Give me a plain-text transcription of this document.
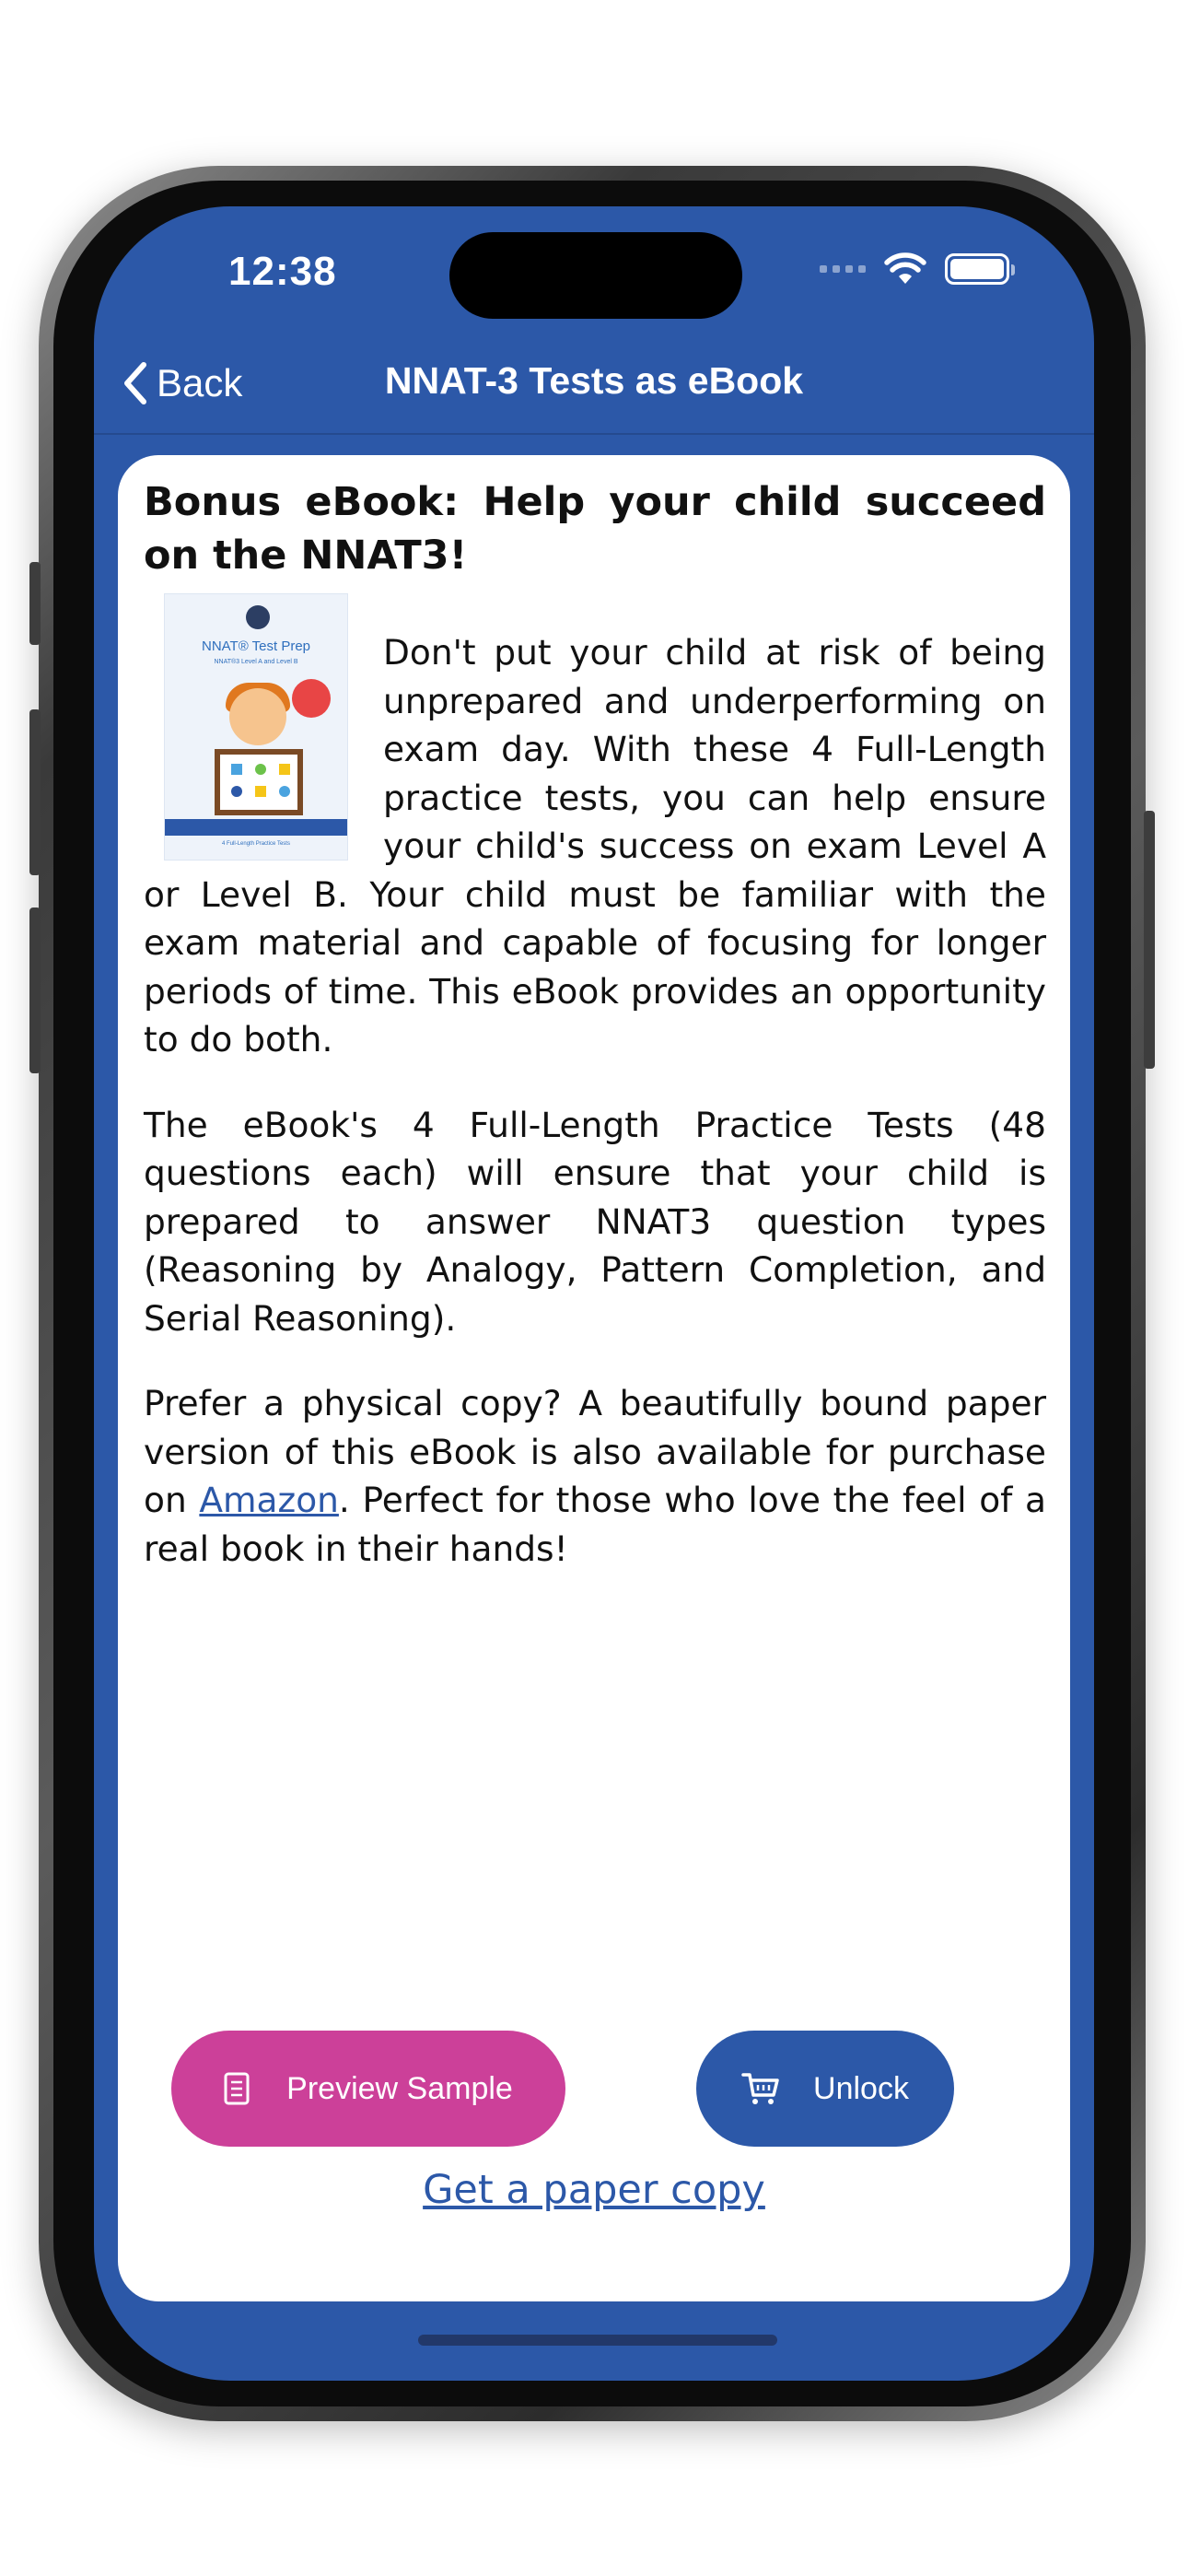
12:38
Back	NNAT-3 Tests as eBook
Bonus eBook: Help your child succeed on the NNAT3!
NNAT® Test Prep
NNAT®3 Level A and Level B
4 Full-Length Practice Tests

Don't put your child at risk of being unprepared and underperforming on exam day. With these 4 Full-Length practice tests, you can help ensure your child's success on exam Level A or Level B. Your child must be familiar with the exam material and capable of focusing for longer periods of time. This eBook provides an opportunity to do both.

The eBook's 4 Full-Length Practice Tests (48 questions each) will ensure that your child is prepared to answer NNAT3 question types (Reasoning by Analogy, Pattern Completion, and Serial Reasoning).

Prefer a physical copy? A beautifully bound paper version of this eBook is also available for purchase on Amazon. Perfect for those who love the feel of a real book in their hands!

Preview Sample	Unlock
Get a paper copy
